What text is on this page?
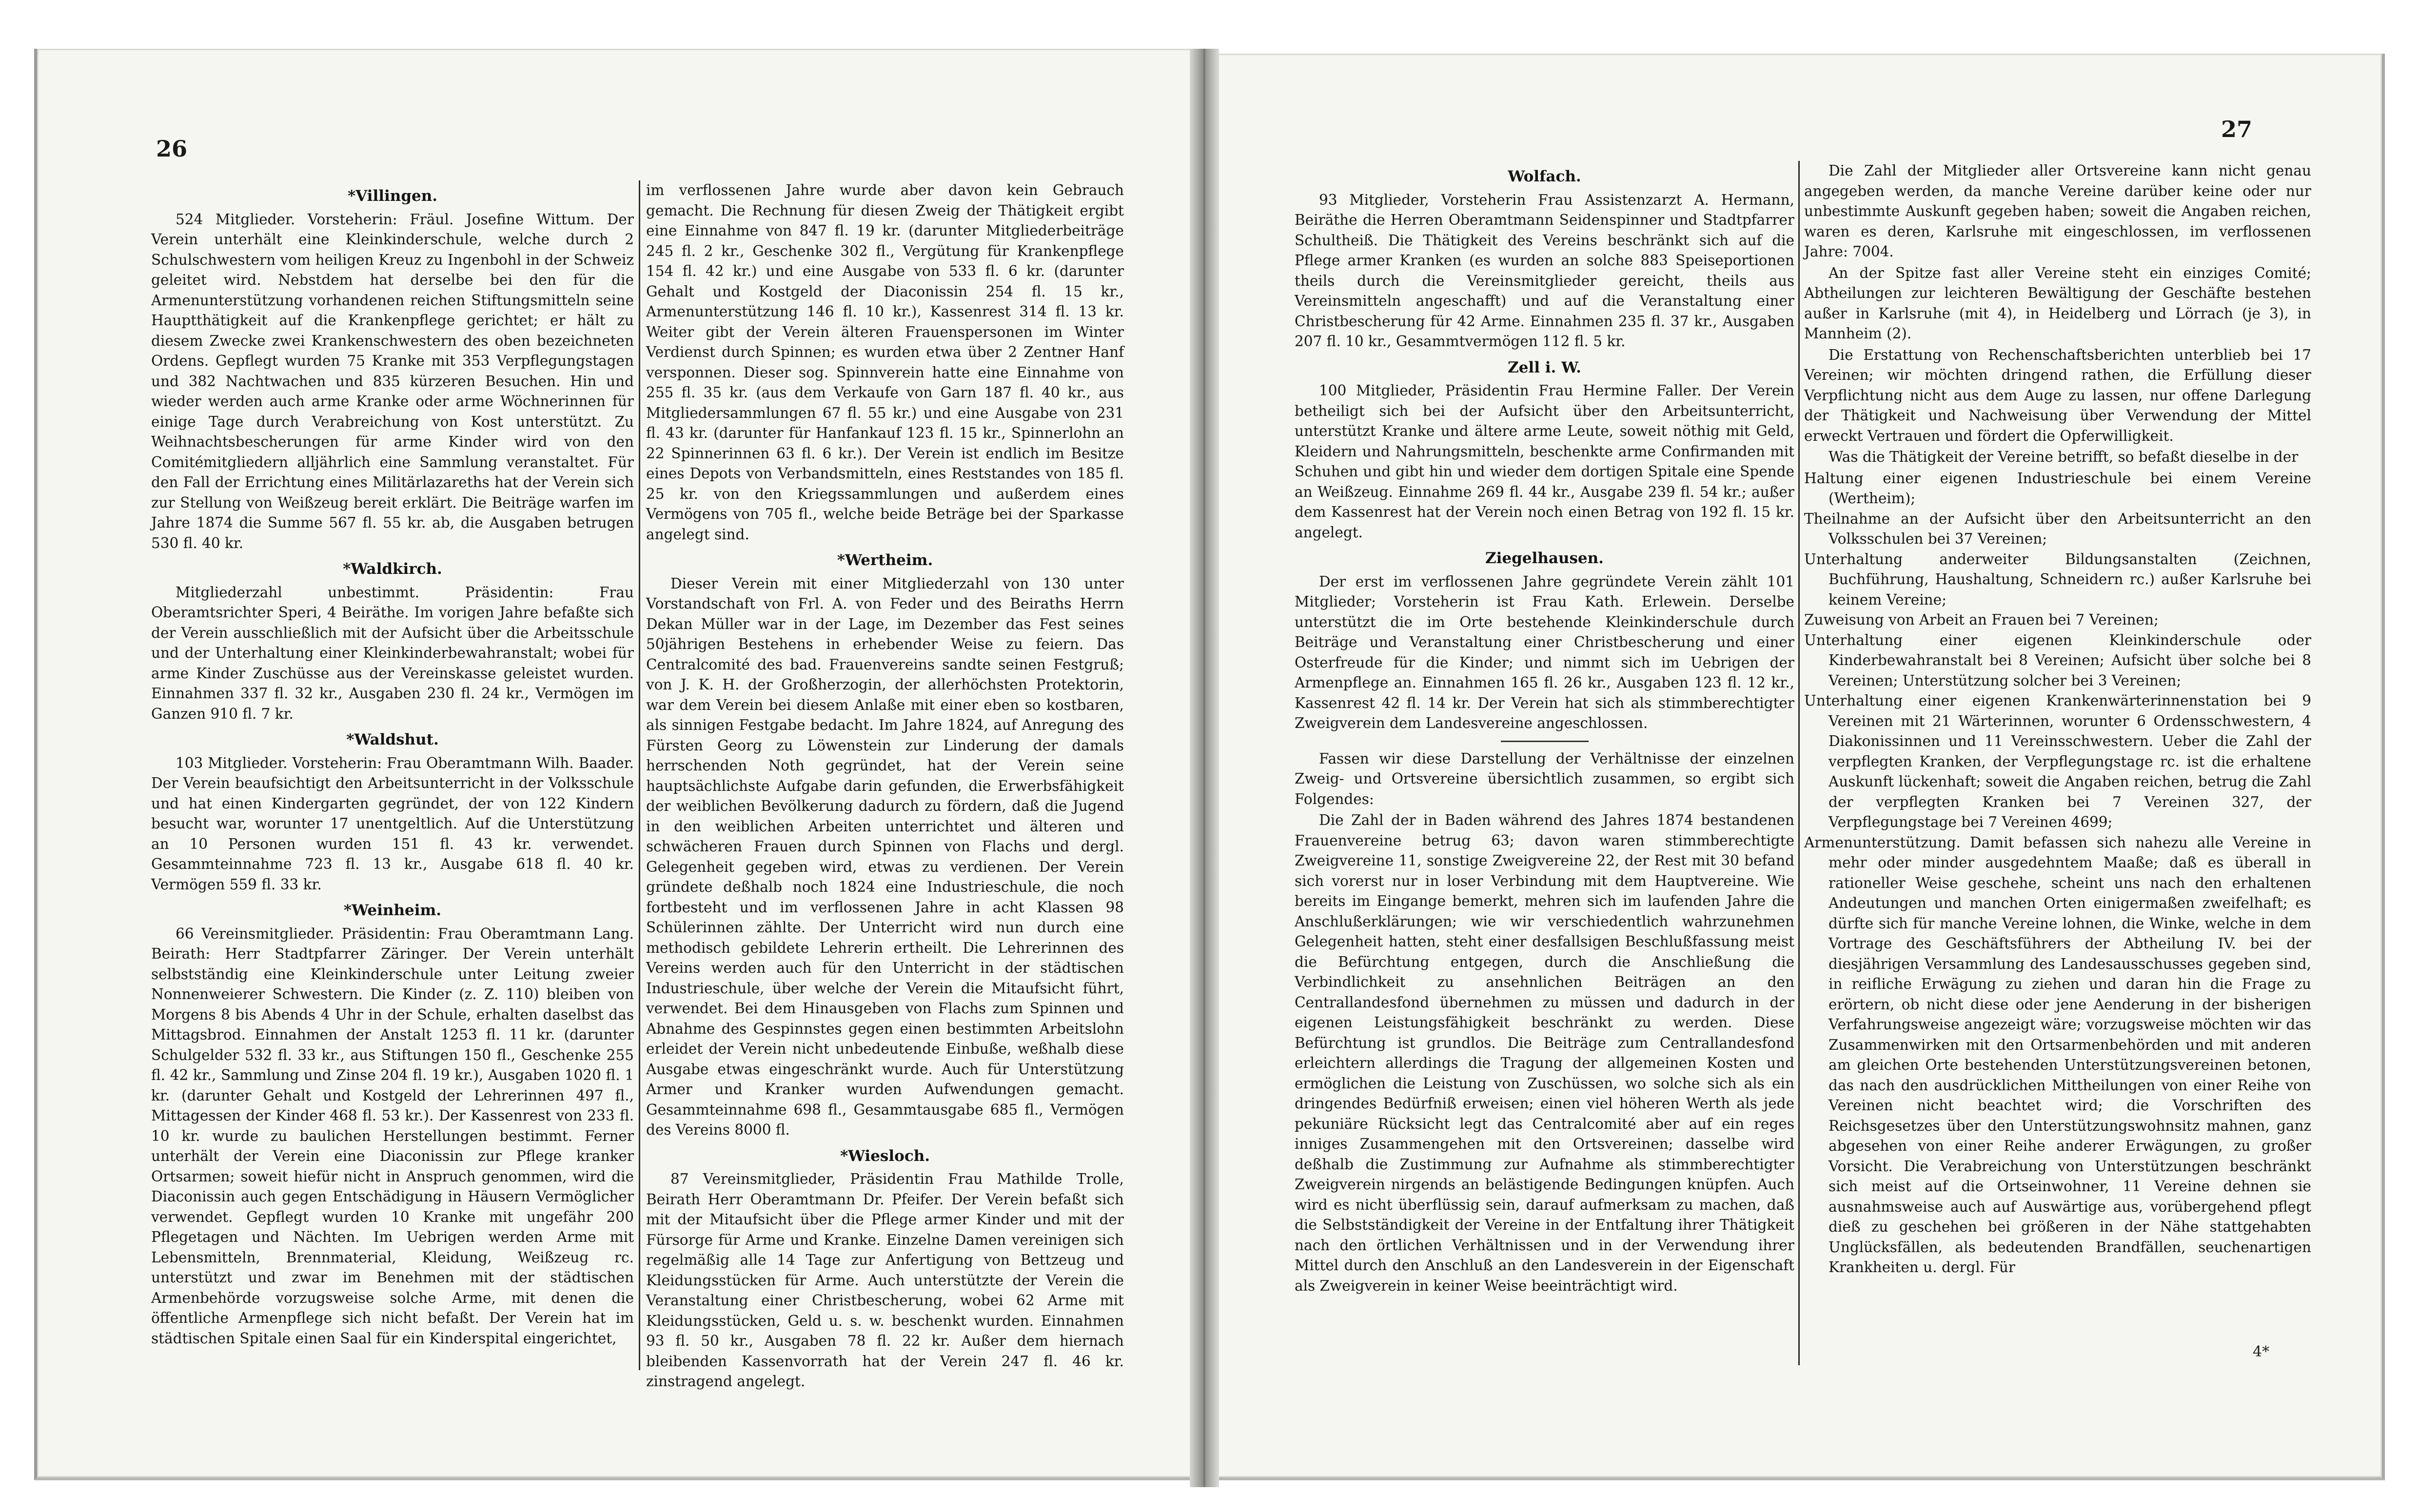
26
27

*Villingen.

524 Mitglieder. Vorsteherin: Fräul. Josefine Wittum. Der Verein unterhält eine Kleinkinderschule, welche durch 2 Schulschwestern vom heiligen Kreuz zu Ingenbohl in der Schweiz geleitet wird. Nebstdem hat derselbe bei den für die Armenunterstützung vorhandenen reichen Stiftungsmitteln seine Hauptthätigkeit auf die Krankenpflege gerichtet; er hält zu diesem Zwecke zwei Krankenschwestern des oben bezeichneten Ordens. Gepflegt wurden 75 Kranke mit 353 Verpflegungstagen und 382 Nachtwachen und 835 kürzeren Besuchen. Hin und wieder werden auch arme Kranke oder arme Wöchnerinnen für einige Tage durch Verabreichung von Kost unterstützt. Zu Weihnachtsbescherungen für arme Kinder wird von den Comitémitgliedern alljährlich eine Sammlung veranstaltet. Für den Fall der Errichtung eines Militärlazareths hat der Verein sich zur Stellung von Weißzeug bereit erklärt. Die Beiträge warfen im Jahre 1874 die Summe 567 fl. 55 kr. ab, die Ausgaben betrugen 530 fl. 40 kr.

*Waldkirch.

Mitgliederzahl unbestimmt. Präsidentin: Frau Oberamtsrichter Speri, 4 Beiräthe. Im vorigen Jahre befaßte sich der Verein ausschließlich mit der Aufsicht über die Arbeitsschule und der Unterhaltung einer Kleinkinderbewahranstalt; wobei für arme Kinder Zuschüsse aus der Vereinskasse geleistet wurden. Einnahmen 337 fl. 32 kr., Ausgaben 230 fl. 24 kr., Vermögen im Ganzen 910 fl. 7 kr.

*Waldshut.

103 Mitglieder. Vorsteherin: Frau Oberamtmann Wilh. Baader. Der Verein beaufsichtigt den Arbeitsunterricht in der Volksschule und hat einen Kindergarten gegründet, der von 122 Kindern besucht war, worunter 17 unentgeltlich. Auf die Unterstützung an 10 Personen wurden 151 fl. 43 kr. verwendet. Gesammteinnahme 723 fl. 13 kr., Ausgabe 618 fl. 40 kr. Vermögen 559 fl. 33 kr.

*Weinheim.

66 Vereinsmitglieder. Präsidentin: Frau Oberamtmann Lang. Beirath: Herr Stadtpfarrer Zäringer. Der Verein unterhält selbstständig eine Kleinkinderschule unter Leitung zweier Nonnenweierer Schwestern. Die Kinder (z. Z. 110) bleiben von Morgens 8 bis Abends 4 Uhr in der Schule, erhalten daselbst das Mittagsbrod. Einnahmen der Anstalt 1253 fl. 11 kr. (darunter Schulgelder 532 fl. 33 kr., aus Stiftungen 150 fl., Geschenke 255 fl. 42 kr., Sammlung und Zinse 204 fl. 19 kr.), Ausgaben 1020 fl. 1 kr. (darunter Gehalt und Kostgeld der Lehrerinnen 497 fl., Mittagessen der Kinder 468 fl. 53 kr.). Der Kassenrest von 233 fl. 10 kr. wurde zu baulichen Herstellungen bestimmt. Ferner unterhält der Verein eine Diaconissin zur Pflege kranker Ortsarmen; soweit hiefür nicht in Anspruch genommen, wird die Diaconissin auch gegen Entschädigung in Häusern Vermöglicher verwendet. Gepflegt wurden 10 Kranke mit ungefähr 200 Pflegetagen und Nächten. Im Uebrigen werden Arme mit Lebensmitteln, Brennmaterial, Kleidung, Weißzeug rc. unterstützt und zwar im Benehmen mit der städtischen Armenbehörde vorzugsweise solche Arme, mit denen die öffentliche Armenpflege sich nicht befaßt. Der Verein hat im städtischen Spitale einen Saal für ein Kinderspital eingerichtet,

im verflossenen Jahre wurde aber davon kein Gebrauch gemacht. Die Rechnung für diesen Zweig der Thätigkeit ergibt eine Einnahme von 847 fl. 19 kr. (darunter Mitgliederbeiträge 245 fl. 2 kr., Geschenke 302 fl., Vergütung für Krankenpflege 154 fl. 42 kr.) und eine Ausgabe von 533 fl. 6 kr. (darunter Gehalt und Kostgeld der Diaconissin 254 fl. 15 kr., Armenunterstützung 146 fl. 10 kr.), Kassenrest 314 fl. 13 kr. Weiter gibt der Verein älteren Frauenspersonen im Winter Verdienst durch Spinnen; es wurden etwa über 2 Zentner Hanf versponnen. Dieser sog. Spinnverein hatte eine Einnahme von 255 fl. 35 kr. (aus dem Verkaufe von Garn 187 fl. 40 kr., aus Mitgliedersammlungen 67 fl. 55 kr.) und eine Ausgabe von 231 fl. 43 kr. (darunter für Hanfankauf 123 fl. 15 kr., Spinnerlohn an 22 Spinnerinnen 63 fl. 6 kr.). Der Verein ist endlich im Besitze eines Depots von Verbandsmitteln, eines Reststandes von 185 fl. 25 kr. von den Kriegssammlungen und außerdem eines Vermögens von 705 fl., welche beide Beträge bei der Sparkasse angelegt sind.

*Wertheim.

Dieser Verein mit einer Mitgliederzahl von 130 unter Vorstandschaft von Frl. A. von Feder und des Beiraths Herrn Dekan Müller war in der Lage, im Dezember das Fest seines 50jährigen Bestehens in erhebender Weise zu feiern. Das Centralcomité des bad. Frauenvereins sandte seinen Festgruß; von J. K. H. der Großherzogin, der allerhöchsten Protektorin, war dem Verein bei diesem Anlaße mit einer eben so kostbaren, als sinnigen Festgabe bedacht. Im Jahre 1824, auf Anregung des Fürsten Georg zu Löwenstein zur Linderung der damals herrschenden Noth gegründet, hat der Verein seine hauptsächlichste Aufgabe darin gefunden, die Erwerbsfähigkeit der weiblichen Bevölkerung dadurch zu fördern, daß die Jugend in den weiblichen Arbeiten unterrichtet und älteren und schwächeren Frauen durch Spinnen von Flachs und dergl. Gelegenheit gegeben wird, etwas zu verdienen. Der Verein gründete deßhalb noch 1824 eine Industrieschule, die noch fortbesteht und im verflossenen Jahre in acht Klassen 98 Schülerinnen zählte. Der Unterricht wird nun durch eine methodisch gebildete Lehrerin ertheilt. Die Lehrerinnen des Vereins werden auch für den Unterricht in der städtischen Industrieschule, über welche der Verein die Mitaufsicht führt, verwendet. Bei dem Hinausgeben von Flachs zum Spinnen und Abnahme des Gespinnstes gegen einen bestimmten Arbeitslohn erleidet der Verein nicht unbedeutende Einbuße, weßhalb diese Ausgabe etwas eingeschränkt wurde. Auch für Unterstützung Armer und Kranker wurden Aufwendungen gemacht. Gesammteinnahme 698 fl., Gesammtausgabe 685 fl., Vermögen des Vereins 8000 fl.

*Wiesloch.

87 Vereinsmitglieder, Präsidentin Frau Mathilde Trolle, Beirath Herr Oberamtmann Dr. Pfeifer. Der Verein befaßt sich mit der Mitaufsicht über die Pflege armer Kinder und mit der Fürsorge für Arme und Kranke. Einzelne Damen vereinigen sich regelmäßig alle 14 Tage zur Anfertigung von Bettzeug und Kleidungsstücken für Arme. Auch unterstützte der Verein die Veranstaltung einer Christbescherung, wobei 62 Arme mit Kleidungsstücken, Geld u. s. w. beschenkt wurden. Einnahmen 93 fl. 50 kr., Ausgaben 78 fl. 22 kr. Außer dem hiernach bleibenden Kassenvorrath hat der Verein 247 fl. 46 kr. zinstragend angelegt.

Wolfach.

93 Mitglieder, Vorsteherin Frau Assistenzarzt A. Hermann, Beiräthe die Herren Oberamtmann Seidenspinner und Stadtpfarrer Schultheiß. Die Thätigkeit des Vereins beschränkt sich auf die Pflege armer Kranken (es wurden an solche 883 Speiseportionen theils durch die Vereinsmitglieder gereicht, theils aus Vereinsmitteln angeschafft) und auf die Veranstaltung einer Christbescherung für 42 Arme. Einnahmen 235 fl. 37 kr., Ausgaben 207 fl. 10 kr., Gesammtvermögen 112 fl. 5 kr.

Zell i. W.

100 Mitglieder, Präsidentin Frau Hermine Faller. Der Verein betheiligt sich bei der Aufsicht über den Arbeitsunterricht, unterstützt Kranke und ältere arme Leute, soweit nöthig mit Geld, Kleidern und Nahrungsmitteln, beschenkte arme Confirmanden mit Schuhen und gibt hin und wieder dem dortigen Spitale eine Spende an Weißzeug. Einnahme 269 fl. 44 kr., Ausgabe 239 fl. 54 kr.; außer dem Kassenrest hat der Verein noch einen Betrag von 192 fl. 15 kr. angelegt.

Ziegelhausen.

Der erst im verflossenen Jahre gegründete Verein zählt 101 Mitglieder; Vorsteherin ist Frau Kath. Erlewein. Derselbe unterstützt die im Orte bestehende Kleinkinderschule durch Beiträge und Veranstaltung einer Christbescherung und einer Osterfreude für die Kinder; und nimmt sich im Uebrigen der Armenpflege an. Einnahmen 165 fl. 26 kr., Ausgaben 123 fl. 12 kr., Kassenrest 42 fl. 14 kr. Der Verein hat sich als stimmberechtigter Zweigverein dem Landesvereine angeschlossen.

Fassen wir diese Darstellung der Verhältnisse der einzelnen Zweig- und Ortsvereine übersichtlich zusammen, so ergibt sich Folgendes:

Die Zahl der in Baden während des Jahres 1874 bestandenen Frauenvereine betrug 63; davon waren stimmberechtigte Zweigvereine 11, sonstige Zweigvereine 22, der Rest mit 30 befand sich vorerst nur in loser Verbindung mit dem Hauptvereine. Wie bereits im Eingange bemerkt, mehren sich im laufenden Jahre die Anschlußerklärungen; wie wir verschiedentlich wahrzunehmen Gelegenheit hatten, steht einer desfallsigen Beschlußfassung meist die Befürchtung entgegen, durch die Anschließung die Verbindlichkeit zu ansehnlichen Beiträgen an den Centrallandesfond übernehmen zu müssen und dadurch in der eigenen Leistungsfähigkeit beschränkt zu werden. Diese Befürchtung ist grundlos. Die Beiträge zum Centrallandesfond erleichtern allerdings die Tragung der allgemeinen Kosten und ermöglichen die Leistung von Zuschüssen, wo solche sich als ein dringendes Bedürfniß erweisen; einen viel höheren Werth als jede pekuniäre Rücksicht legt das Centralcomité aber auf ein reges inniges Zusammengehen mit den Ortsvereinen; dasselbe wird deßhalb die Zustimmung zur Aufnahme als stimmberechtigter Zweigverein nirgends an belästigende Bedingungen knüpfen. Auch wird es nicht überflüssig sein, darauf aufmerksam zu machen, daß die Selbstständigkeit der Vereine in der Entfaltung ihrer Thätigkeit nach den örtlichen Verhältnissen und in der Verwendung ihrer Mittel durch den Anschluß an den Landesverein in der Eigenschaft als Zweigverein in keiner Weise beeinträchtigt wird.

Die Zahl der Mitglieder aller Ortsvereine kann nicht genau angegeben werden, da manche Vereine darüber keine oder nur unbestimmte Auskunft gegeben haben; soweit die Angaben reichen, waren es deren, Karlsruhe mit eingeschlossen, im verflossenen Jahre: 7004.

An der Spitze fast aller Vereine steht ein einziges Comité; Abtheilungen zur leichteren Bewältigung der Geschäfte bestehen außer in Karlsruhe (mit 4), in Heidelberg und Lörrach (je 3), in Mannheim (2).

Die Erstattung von Rechenschaftsberichten unterblieb bei 17 Vereinen; wir möchten dringend rathen, die Erfüllung dieser Verpflichtung nicht aus dem Auge zu lassen, nur offene Darlegung der Thätigkeit und Nachweisung über Verwendung der Mittel erweckt Vertrauen und fördert die Opferwilligkeit.

Was die Thätigkeit der Vereine betrifft, so befaßt dieselbe in der

Haltung einer eigenen Industrieschule bei einem Vereine (Wertheim);
Theilnahme an der Aufsicht über den Arbeitsunterricht an den Volksschulen bei 37 Vereinen;
Unterhaltung anderweiter Bildungsanstalten (Zeichnen, Buchführung, Haushaltung, Schneidern rc.) außer Karlsruhe bei keinem Vereine;
Zuweisung von Arbeit an Frauen bei 7 Vereinen;
Unterhaltung einer eigenen Kleinkinderschule oder Kinderbewahranstalt bei 8 Vereinen; Aufsicht über solche bei 8 Vereinen; Unterstützung solcher bei 3 Vereinen;
Unterhaltung einer eigenen Krankenwärterinnenstation bei 9 Vereinen mit 21 Wärterinnen, worunter 6 Ordensschwestern, 4 Diakonissinnen und 11 Vereinsschwestern. Ueber die Zahl der verpflegten Kranken, der Verpflegungstage rc. ist die erhaltene Auskunft lückenhaft; soweit die Angaben reichen, betrug die Zahl der verpflegten Kranken bei 7 Vereinen 327, der Verpflegungstage bei 7 Vereinen 4699;
Armenunterstützung. Damit befassen sich nahezu alle Vereine in mehr oder minder ausgedehntem Maaße; daß es überall in rationeller Weise geschehe, scheint uns nach den erhaltenen Andeutungen und manchen Orten einigermaßen zweifelhaft; es dürfte sich für manche Vereine lohnen, die Winke, welche in dem Vortrage des Geschäftsführers der Abtheilung IV. bei der diesjährigen Versammlung des Landesausschusses gegeben sind, in reifliche Erwägung zu ziehen und daran hin die Frage zu erörtern, ob nicht diese oder jene Aenderung in der bisherigen Verfahrungsweise angezeigt wäre; vorzugsweise möchten wir das Zusammenwirken mit den Ortsarmenbehörden und mit anderen am gleichen Orte bestehenden Unterstützungsvereinen betonen, das nach den ausdrücklichen Mittheilungen von einer Reihe von Vereinen nicht beachtet wird; die Vorschriften des Reichsgesetzes über den Unterstützungswohnsitz mahnen, ganz abgesehen von einer Reihe anderer Erwägungen, zu großer Vorsicht. Die Verabreichung von Unterstützungen beschränkt sich meist auf die Ortseinwohner, 11 Vereine dehnen sie ausnahmsweise auch auf Auswärtige aus, vorübergehend pflegt dieß zu geschehen bei größeren in der Nähe stattgehabten Unglücksfällen, als bedeutenden Brandfällen, seuchenartigen Krankheiten u. dergl. Für
4*
